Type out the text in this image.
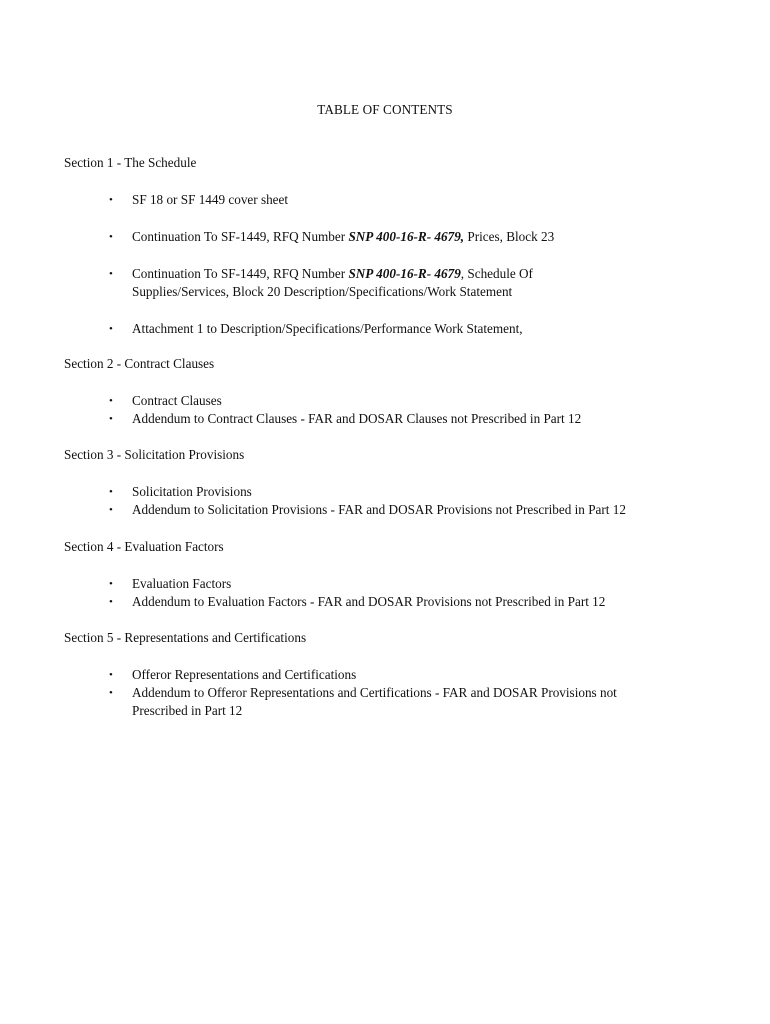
TABLE OF CONTENTS
Section 1 - The Schedule
• SF 18 or SF 1449 cover sheet
• Continuation To SF-1449, RFQ Number SNP 400-16-R- 4679, Prices, Block 23
• Continuation To SF-1449, RFQ Number SNP 400-16-R- 4679, Schedule Of
Supplies/Services, Block 20 Description/Specifications/Work Statement
• Attachment 1 to Description/Specifications/Performance Work Statement,
Section 2 - Contract Clauses
• Contract Clauses
• Addendum to Contract Clauses - FAR and DOSAR Clauses not Prescribed in Part 12
Section 3 - Solicitation Provisions
• Solicitation Provisions
• Addendum to Solicitation Provisions - FAR and DOSAR Provisions not Prescribed in Part 12
Section 4 - Evaluation Factors
• Evaluation Factors
• Addendum to Evaluation Factors - FAR and DOSAR Provisions not Prescribed in Part 12
Section 5 - Representations and Certifications
• Offeror Representations and Certifications
• Addendum to Offeror Representations and Certifications - FAR and DOSAR Provisions not
Prescribed in Part 12
